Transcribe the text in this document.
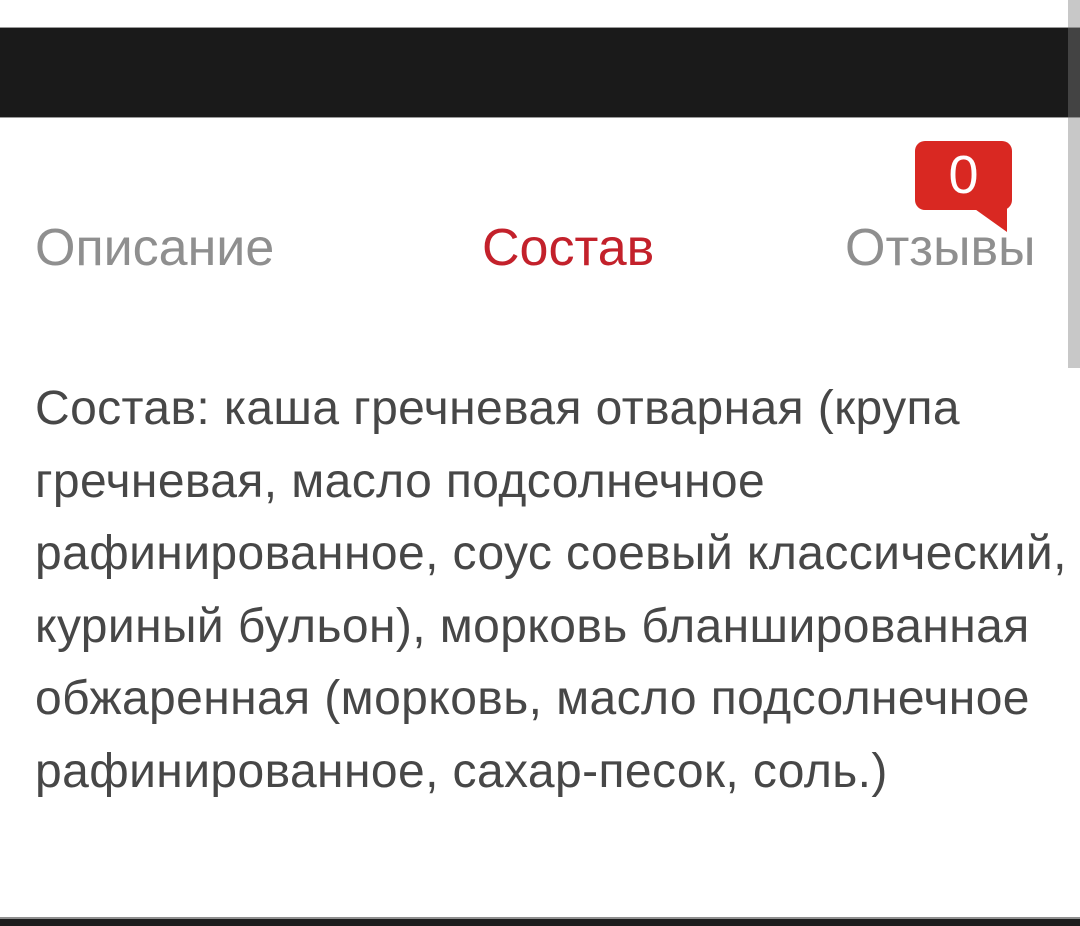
Описание	Состав	Отзывы
0
Состав: каша гречневая отварная (крупа гречневая, масло подсолнечное рафинированное, соус соевый классический, куриный бульон), морковь бланшированная обжаренная (морковь, масло подсолнечное рафинированное, сахар-песок, соль.)
